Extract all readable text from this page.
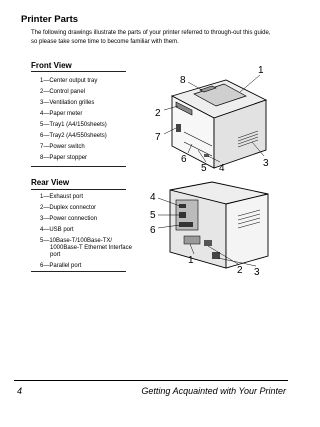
Printer Parts

The following drawings illustrate the parts of your printer referred to through-out this guide, so please take some time to become familiar with them.

Front View
1—Center output tray
2—Control panel
3—Ventilation grilles
4—Paper meter
5—Tray1 (A4/150sheets)
6—Tray2 (A4/550sheets)
7—Power switch
8—Paper stopper
1
2
3
4
5
6
7
8
Rear View
1—Exhaust port
2—Duplex connector
3—Power connection
4—USB port
5—10Base-T/100Base-TX/
1000Base-T Ethernet Interface
port
6—Parallel port	1
2 3
4
5
6
4	Getting Acquainted with Your Printer
